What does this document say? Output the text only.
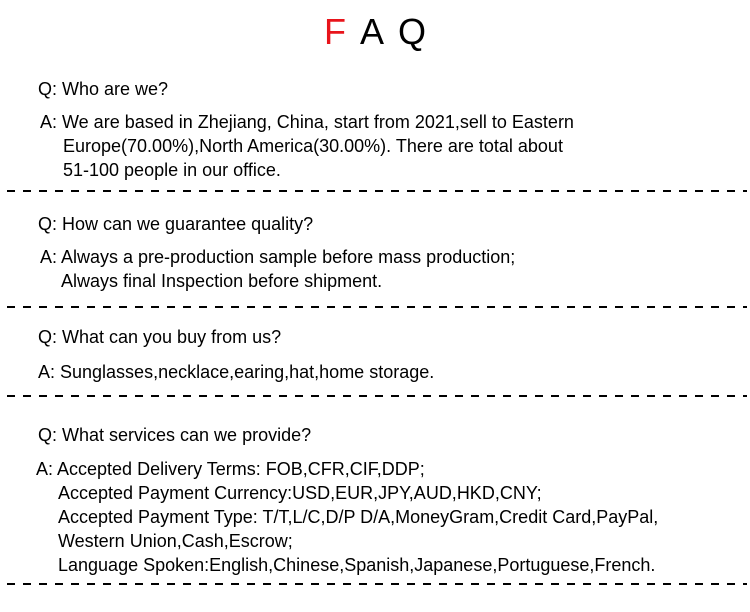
F A Q
Q: Who are we?
A: We are based in Zhejiang, China, start from 2021,sell to Eastern
Europe(70.00%),North America(30.00%). There are total about
51-100 people in our office.
Q: How can we guarantee quality?
A: Always a pre-production sample before mass production;
Always final Inspection before shipment.
Q: What can you buy from us?
A: Sunglasses,necklace,earing,hat,home storage.
Q: What services can we provide?
A: Accepted Delivery Terms: FOB,CFR,CIF,DDP;
Accepted Payment Currency:USD,EUR,JPY,AUD,HKD,CNY;
Accepted Payment Type: T/T,L/C,D/P D/A,MoneyGram,Credit Card,PayPal,
Western Union,Cash,Escrow;
Language Spoken:English,Chinese,Spanish,Japanese,Portuguese,French.
